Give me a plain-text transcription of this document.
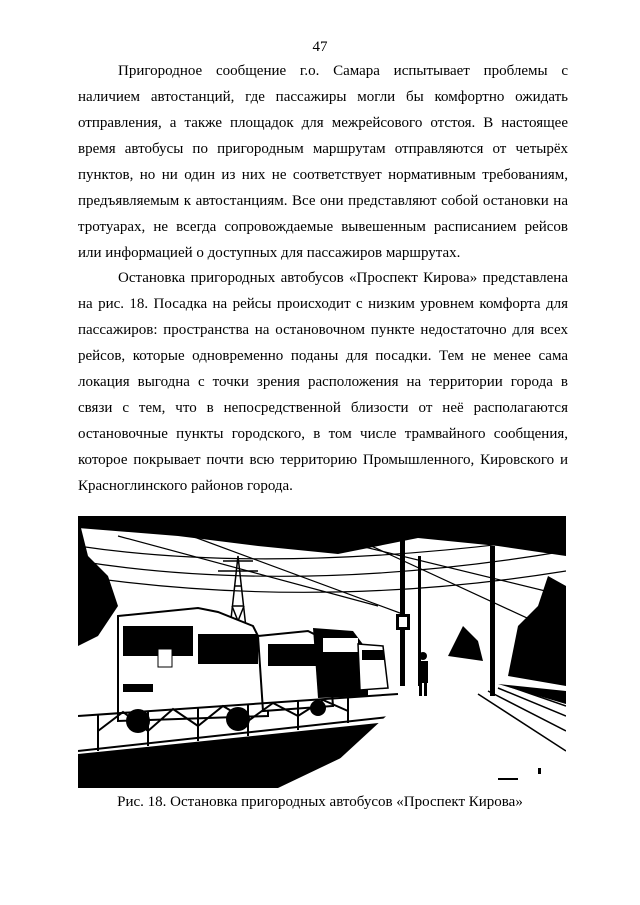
47
Пригородное сообщение г.о. Самара испытывает проблемы с
наличием автостанций, где пассажиры могли бы комфортно ожидать
отправления, а также площадок для межрейсового отстоя. В настоящее
время автобусы по пригородным маршрутам отправляются от четырёх
пунктов, но ни один из них не соответствует нормативным требованиям,
предъявляемым к автостанциям. Все они представляют собой остановки на
тротуарах, не всегда сопровождаемые вывешенным расписанием рейсов
или информацией о доступных для пассажиров маршрутах.
Остановка пригородных автобусов «Проспект Кирова» представлена
на рис. 18. Посадка на рейсы происходит с низким уровнем комфорта для
пассажиров: пространства на остановочном пункте недостаточно для всех
рейсов, которые одновременно поданы для посадки. Тем не менее сама
локация выгодна с точки зрения расположения на территории города в
связи с тем, что в непосредственной близости от неё располагаются
остановочные пункты городского, в том числе трамвайного сообщения,
которое покрывает почти всю территорию Промышленного, Кировского и
Красноглинского районов города.
Рис. 18. Остановка пригородных автобусов «Проспект Кирова»
